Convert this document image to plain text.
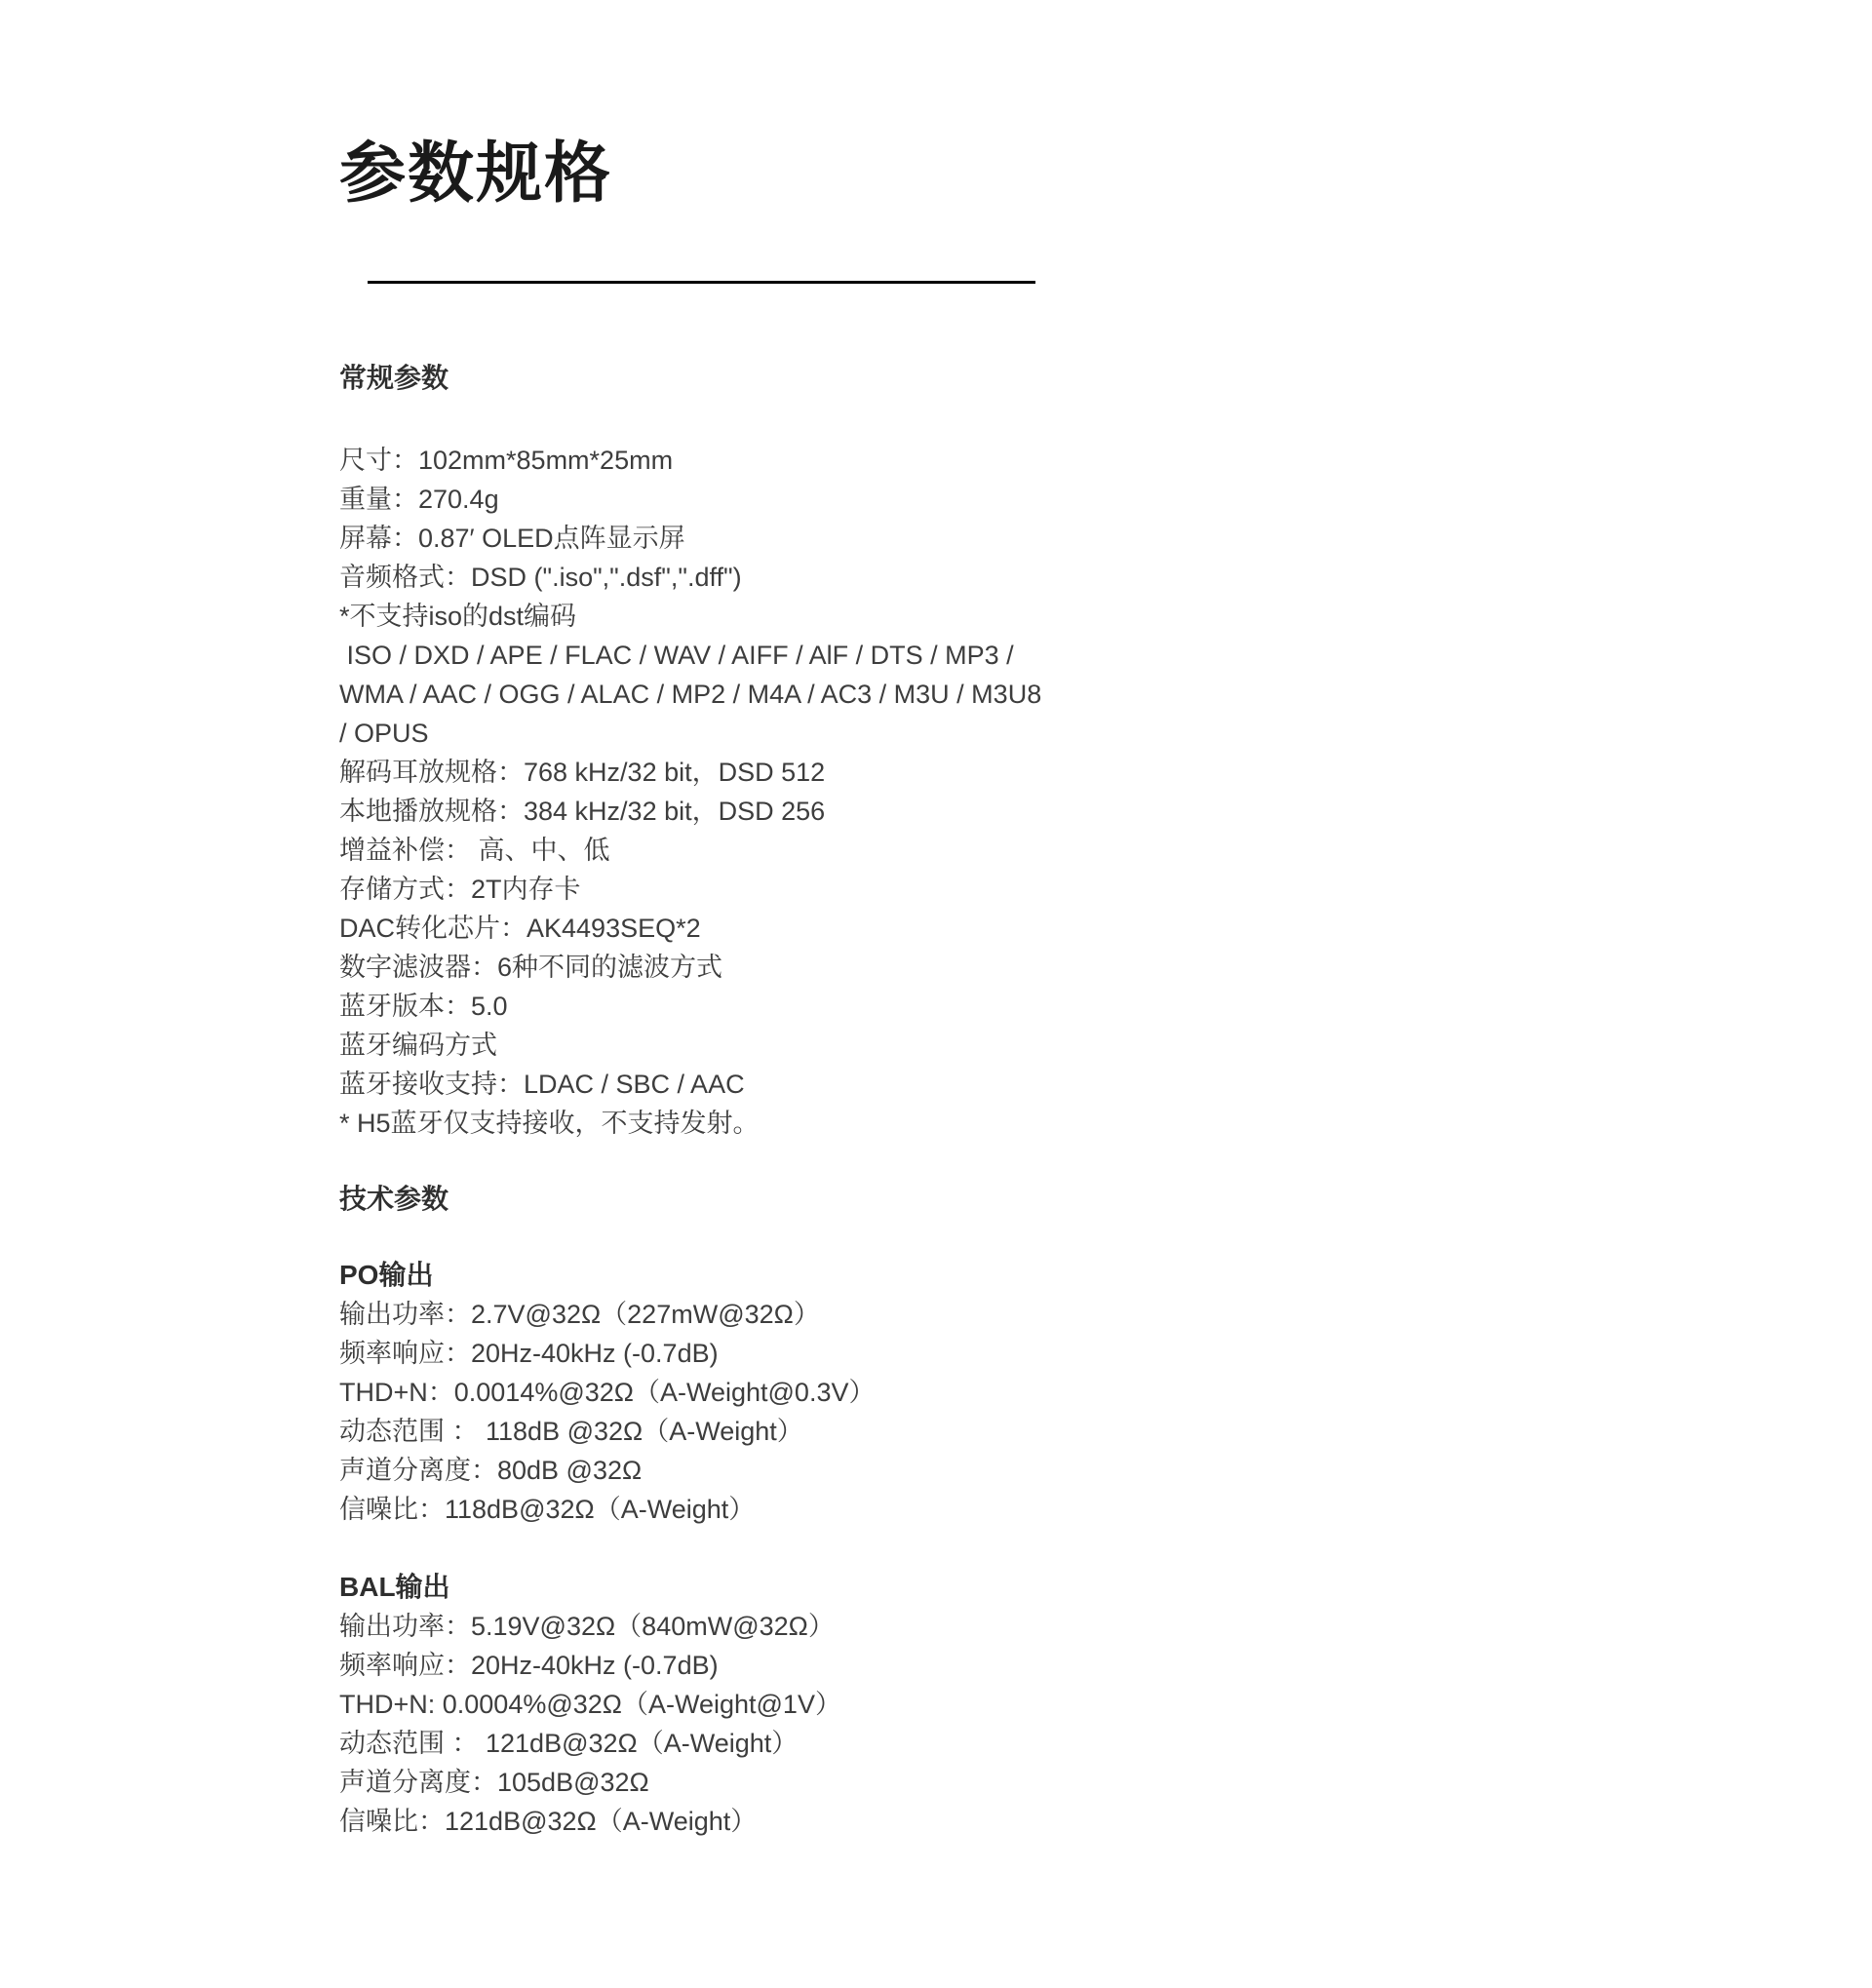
参数规格
常规参数
尺寸：102mm*85mm*25mm
重量：270.4g
屏幕：0.87′ OLED点阵显示屏
音频格式：DSD (".iso",".dsf",".dff")
*不支持iso的dst编码
ISO / DXD / APE / FLAC / WAV / AIFF / AlF / DTS / MP3 /
WMA / AAC / OGG / ALAC / MP2 / M4A / AC3 / M3U / M3U8
/ OPUS
解码耳放规格：768 kHz/32 bit，DSD 512
本地播放规格：384 kHz/32 bit，DSD 256
增益补偿： 高、中、低
存储方式：2T内存卡
DAC转化芯片：AK4493SEQ*2
数字滤波器：6种不同的滤波方式
蓝牙版本：5.0
蓝牙编码方式
蓝牙接收支持：LDAC / SBC / AAC
* H5蓝牙仅支持接收，不支持发射。
技术参数
PO输出
输出功率：2.7V@32Ω（227mW@32Ω）
频率响应：20Hz-40kHz (-0.7dB)
THD+N：0.0014%@32Ω（A-Weight@0.3V）
动态范围 ： 118dB @32Ω（A-Weight）
声道分离度：80dB @32Ω
信噪比：118dB@32Ω（A-Weight）
BAL输出
输出功率：5.19V@32Ω（840mW@32Ω）
频率响应：20Hz-40kHz (-0.7dB)
THD+N: 0.0004%@32Ω（A-Weight@1V）
动态范围 ： 121dB@32Ω（A-Weight）
声道分离度：105dB@32Ω
信噪比：121dB@32Ω（A-Weight）
